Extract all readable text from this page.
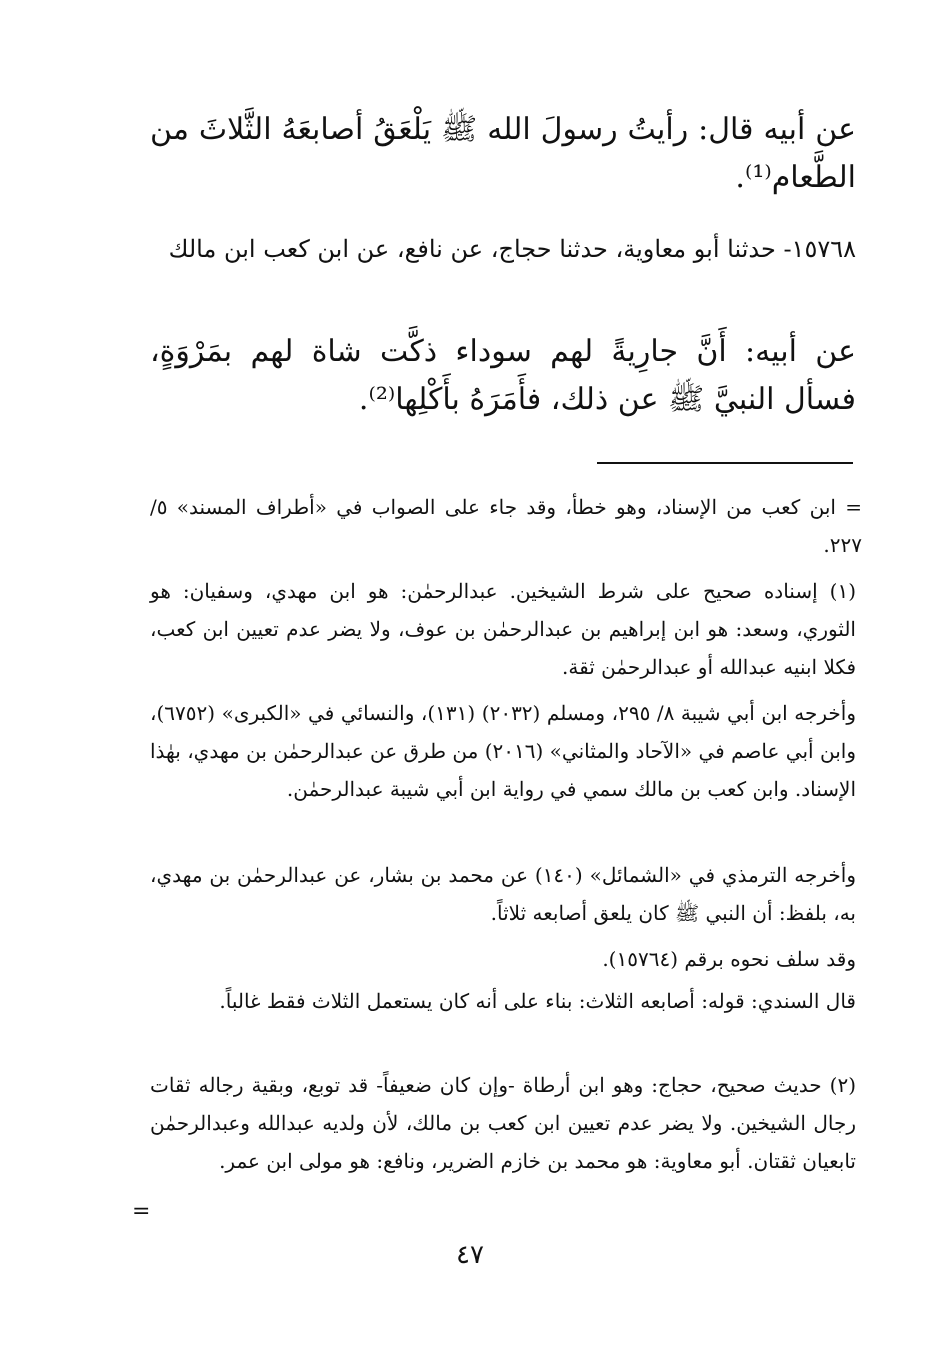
عن أبيه قال: رأيتُ رسولَ الله ﷺ يَلْعَقُ أصابعَهُ الثَّلاثَ من الطَّعام⁽¹⁾.
١٥٧٦٨- حدثنا أبو معاوية، حدثنا حجاج، عن نافع، عن ابن كعب ابن مالك
عن أبيه: أَنَّ جارِيةً لهم سوداء ذكَّت شاة لهم بمَرْوَةٍ، فسأل النبيَّ ﷺ عن ذلك، فأَمَرَهُ بأَكْلِها⁽²⁾.
= ابن كعب من الإسناد، وهو خطأ، وقد جاء على الصواب في «أطراف المسند» ٥/ ٢٢٧.
(١) إسناده صحيح على شرط الشيخين. عبدالرحمٰن: هو ابن مهدي، وسفيان: هو الثوري، وسعد: هو ابن إبراهيم بن عبدالرحمٰن بن عوف، ولا يضر عدم تعيين ابن كعب، فكلا ابنيه عبدالله أو عبدالرحمٰن ثقة.
وأخرجه ابن أبي شيبة ٨/ ٢٩٥، ومسلم (٢٠٣٢) (١٣١)، والنسائي في «الكبرى» (٦٧٥٢)، وابن أبي عاصم في «الآحاد والمثاني» (٢٠١٦) من طرق عن عبدالرحمٰن بن مهدي، بهٰذا الإسناد. وابن كعب بن مالك سمي في رواية ابن أبي شيبة عبدالرحمٰن.
وأخرجه الترمذي في «الشمائل» (١٤٠) عن محمد بن بشار، عن عبدالرحمٰن بن مهدي، به، بلفظ: أن النبي ﷺ كان يلعق أصابعه ثلاثاً.
وقد سلف نحوه برقم (١٥٧٦٤).
قال السندي: قوله: أصابعه الثلاث: بناء على أنه كان يستعمل الثلاث فقط غالباً.
(٢) حديث صحيح، حجاج: وهو ابن أرطاة -وإن كان ضعيفاً- قد توبع، وبقية رجاله ثقات رجال الشيخين. ولا يضر عدم تعيين ابن كعب بن مالك، لأن ولديه عبدالله وعبدالرحمٰن تابعيان ثقتان. أبو معاوية: هو محمد بن خازم الضرير، ونافع: هو مولى ابن عمر.
=
٤٧
